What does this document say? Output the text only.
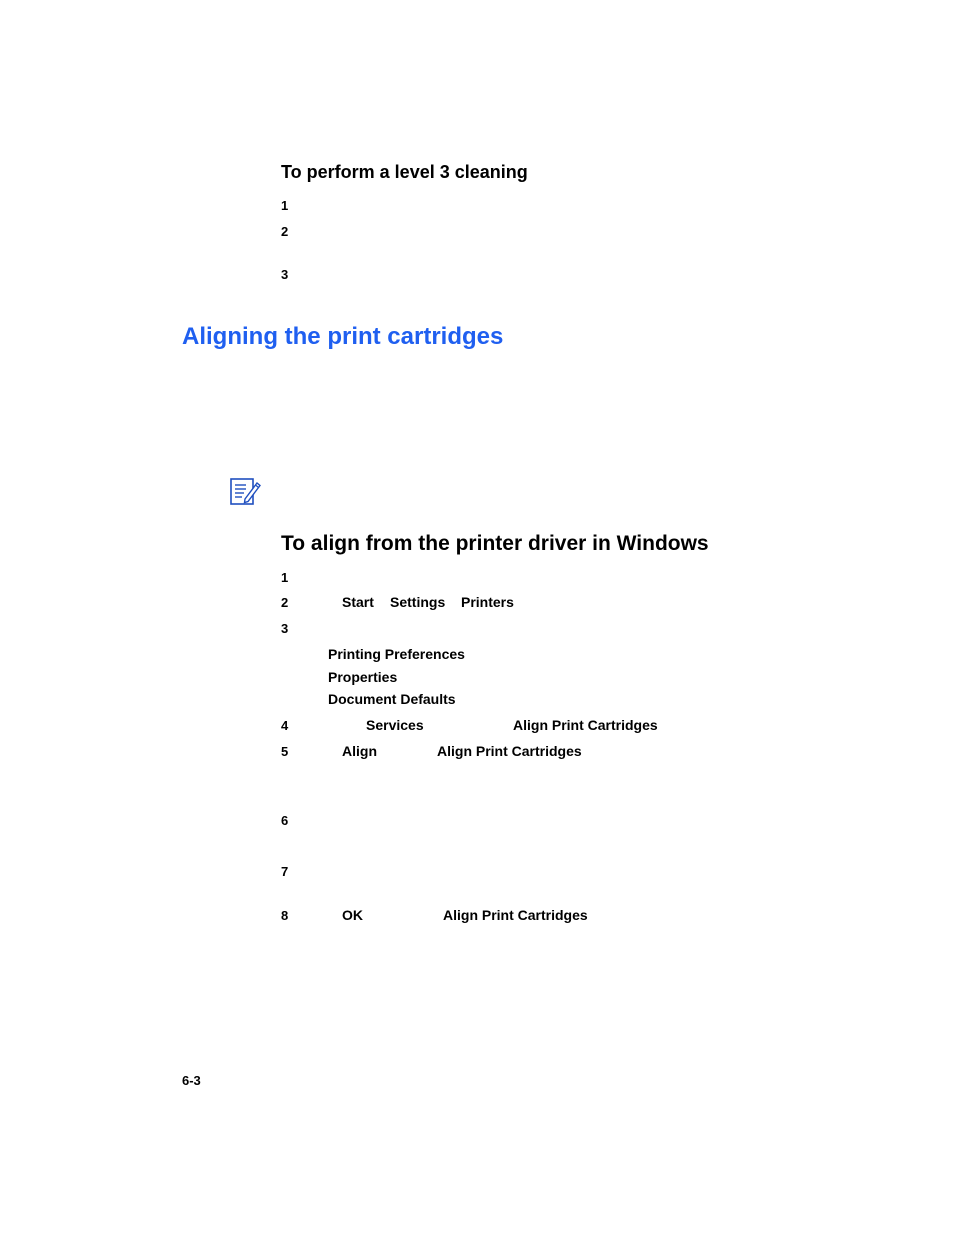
To perform a level 3 cleaning
1
2
3
Aligning the print cartridges
To align from the printer driver in Windows
1
2	Start Settings Printers
3
Printing Preferences
Properties
Document Defaults
4	Services	Align Print Cartridges
5	Align	Align Print Cartridges
6
7
8	OK	Align Print Cartridges
6-3
